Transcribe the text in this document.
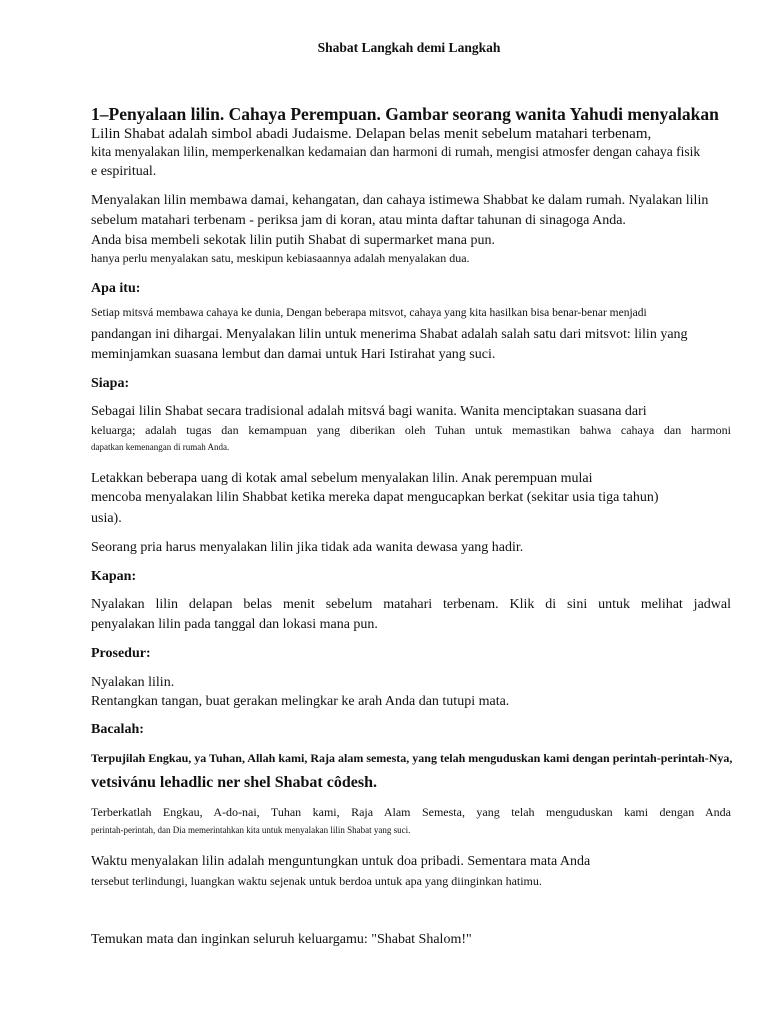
Shabat Langkah demi Langkah
1–Penyalaan lilin. Cahaya Perempuan. Gambar seorang wanita Yahudi menyalakan
Lilin Shabat adalah simbol abadi Judaisme. Delapan belas menit sebelum matahari terbenam,
kita menyalakan lilin, memperkenalkan kedamaian dan harmoni di rumah, mengisi atmosfer dengan cahaya fisik
e espiritual.
Menyalakan lilin membawa damai, kehangatan, dan cahaya istimewa Shabbat ke dalam rumah. Nyalakan lilin
sebelum matahari terbenam - periksa jam di koran, atau minta daftar tahunan di sinagoga Anda.
Anda bisa membeli sekotak lilin putih Shabat di supermarket mana pun.
hanya perlu menyalakan satu, meskipun kebiasaannya adalah menyalakan dua.
Apa itu:
Setiap mitsvá membawa cahaya ke dunia, Dengan beberapa mitsvot, cahaya yang kita hasilkan bisa benar-benar menjadi
pandangan ini dihargai. Menyalakan lilin untuk menerima Shabat adalah salah satu dari mitsvot: lilin yang
meminjamkan suasana lembut dan damai untuk Hari Istirahat yang suci.
Siapa:
Sebagai lilin Shabat secara tradisional adalah mitsvá bagi wanita. Wanita menciptakan suasana dari
keluarga; adalah tugas dan kemampuan yang diberikan oleh Tuhan untuk memastikan bahwa cahaya dan harmoni
dapatkan kemenangan di rumah Anda.
Letakkan beberapa uang di kotak amal sebelum menyalakan lilin. Anak perempuan mulai
mencoba menyalakan lilin Shabbat ketika mereka dapat mengucapkan berkat (sekitar usia tiga tahun)
usia).
Seorang pria harus menyalakan lilin jika tidak ada wanita dewasa yang hadir.
Kapan:
Nyalakan lilin delapan belas menit sebelum matahari terbenam. Klik di sini untuk melihat jadwal
penyalakan lilin pada tanggal dan lokasi mana pun.
Prosedur:
Nyalakan lilin.
Rentangkan tangan, buat gerakan melingkar ke arah Anda dan tutupi mata.
Bacalah:
Terpujilah Engkau, ya Tuhan, Allah kami, Raja alam semesta, yang telah menguduskan kami dengan perintah-perintah-Nya,
vetsivánu lehadlic ner shel Shabat côdesh.
Terberkatlah Engkau, A-do-nai, Tuhan kami, Raja Alam Semesta, yang telah menguduskan kami dengan Anda
perintah-perintah, dan Dia memerintahkan kita untuk menyalakan lilin Shabat yang suci.
Waktu menyalakan lilin adalah menguntungkan untuk doa pribadi. Sementara mata Anda
tersebut terlindungi, luangkan waktu sejenak untuk berdoa untuk apa yang diinginkan hatimu.
Temukan mata dan inginkan seluruh keluargamu: "Shabat Shalom!"
